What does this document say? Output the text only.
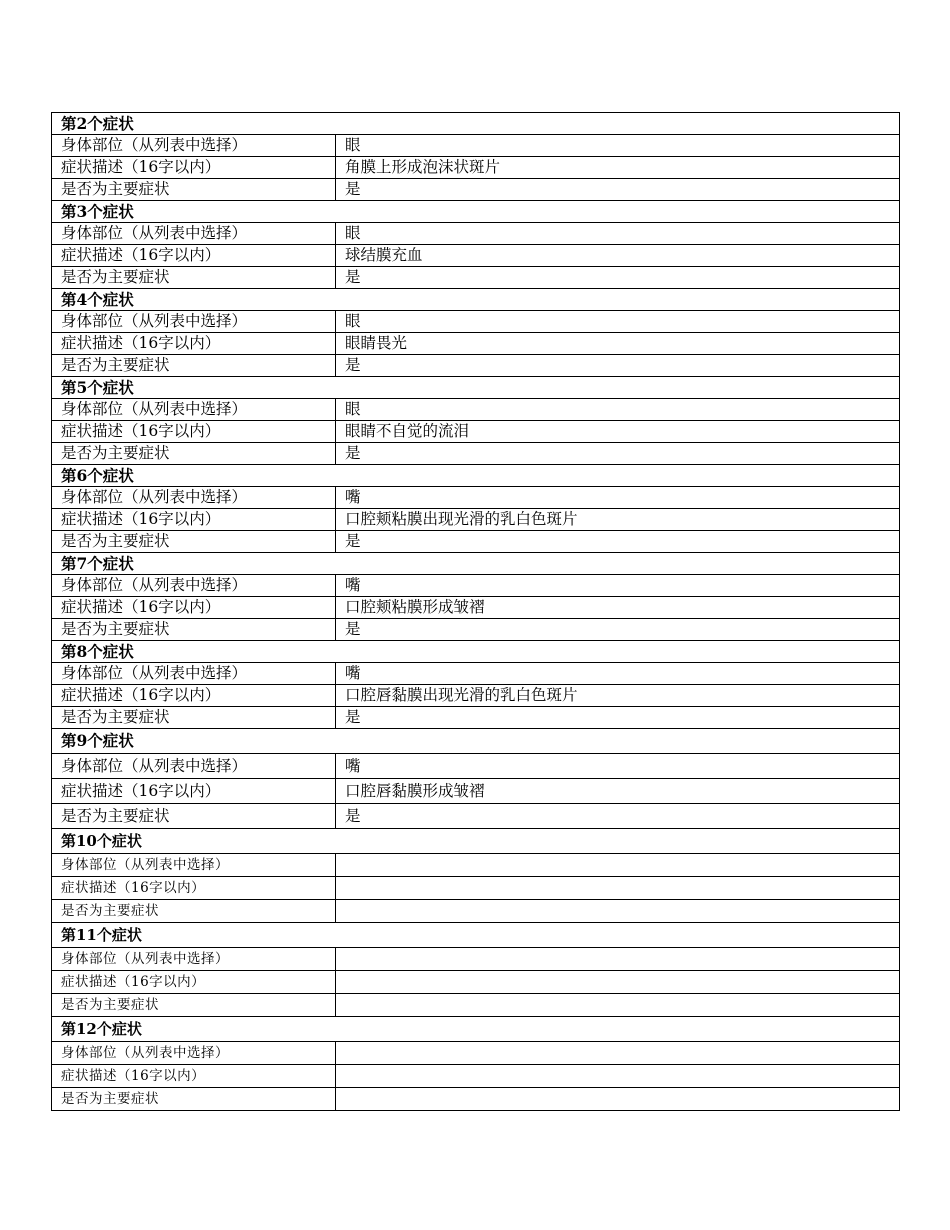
第2个症状	
身体部位（从列表中选择）	眼
症状描述（16字以内）	角膜上形成泡沫状斑片
是否为主要症状	是
第3个症状	
身体部位（从列表中选择）	眼
症状描述（16字以内）	球结膜充血
是否为主要症状	是
第4个症状	
身体部位（从列表中选择）	眼
症状描述（16字以内）	眼睛畏光
是否为主要症状	是
第5个症状	
身体部位（从列表中选择）	眼
症状描述（16字以内）	眼睛不自觉的流泪
是否为主要症状	是
第6个症状	
身体部位（从列表中选择）	嘴
症状描述（16字以内）	口腔颊粘膜出现光滑的乳白色斑片
是否为主要症状	是
第7个症状	
身体部位（从列表中选择）	嘴
症状描述（16字以内）	口腔颊粘膜形成皱褶
是否为主要症状	是
第8个症状	
身体部位（从列表中选择）	嘴
症状描述（16字以内）	口腔唇黏膜出现光滑的乳白色斑片
是否为主要症状	是
第9个症状	
身体部位（从列表中选择）	嘴
症状描述（16字以内）	口腔唇黏膜形成皱褶
是否为主要症状	是
第10个症状	
身体部位（从列表中选择）	
症状描述（16字以内）	
是否为主要症状	
第11个症状	
身体部位（从列表中选择）	
症状描述（16字以内）	
是否为主要症状	
第12个症状	
身体部位（从列表中选择）	
症状描述（16字以内）	
是否为主要症状	
